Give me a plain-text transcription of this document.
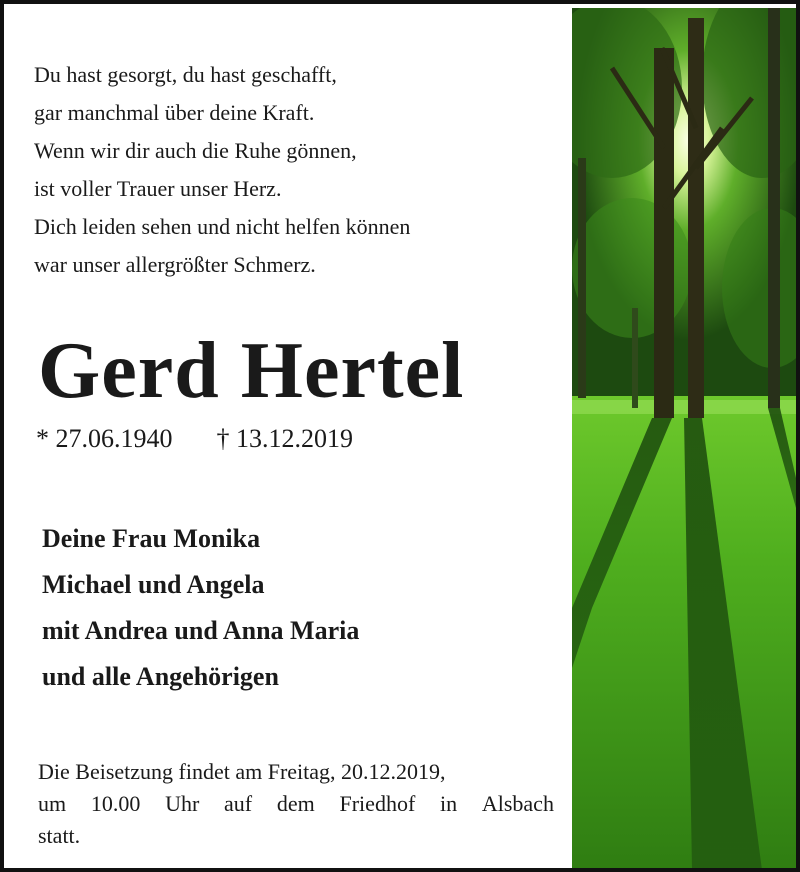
Du hast gesorgt, du hast geschafft,
gar manchmal über deine Kraft.
Wenn wir dir auch die Ruhe gönnen,
ist voller Trauer unser Herz.
Dich leiden sehen und nicht helfen können
war unser allergrößter Schmerz.
Gerd Hertel
* 27.06.1940 † 13.12.2019
Deine Frau Monika
Michael und Angela
mit Andrea und Anna Maria
und alle Angehörigen
Die Beisetzung findet am Freitag, 20.12.2019,
um 10.00 Uhr auf dem Friedhof in Alsbach
statt.
